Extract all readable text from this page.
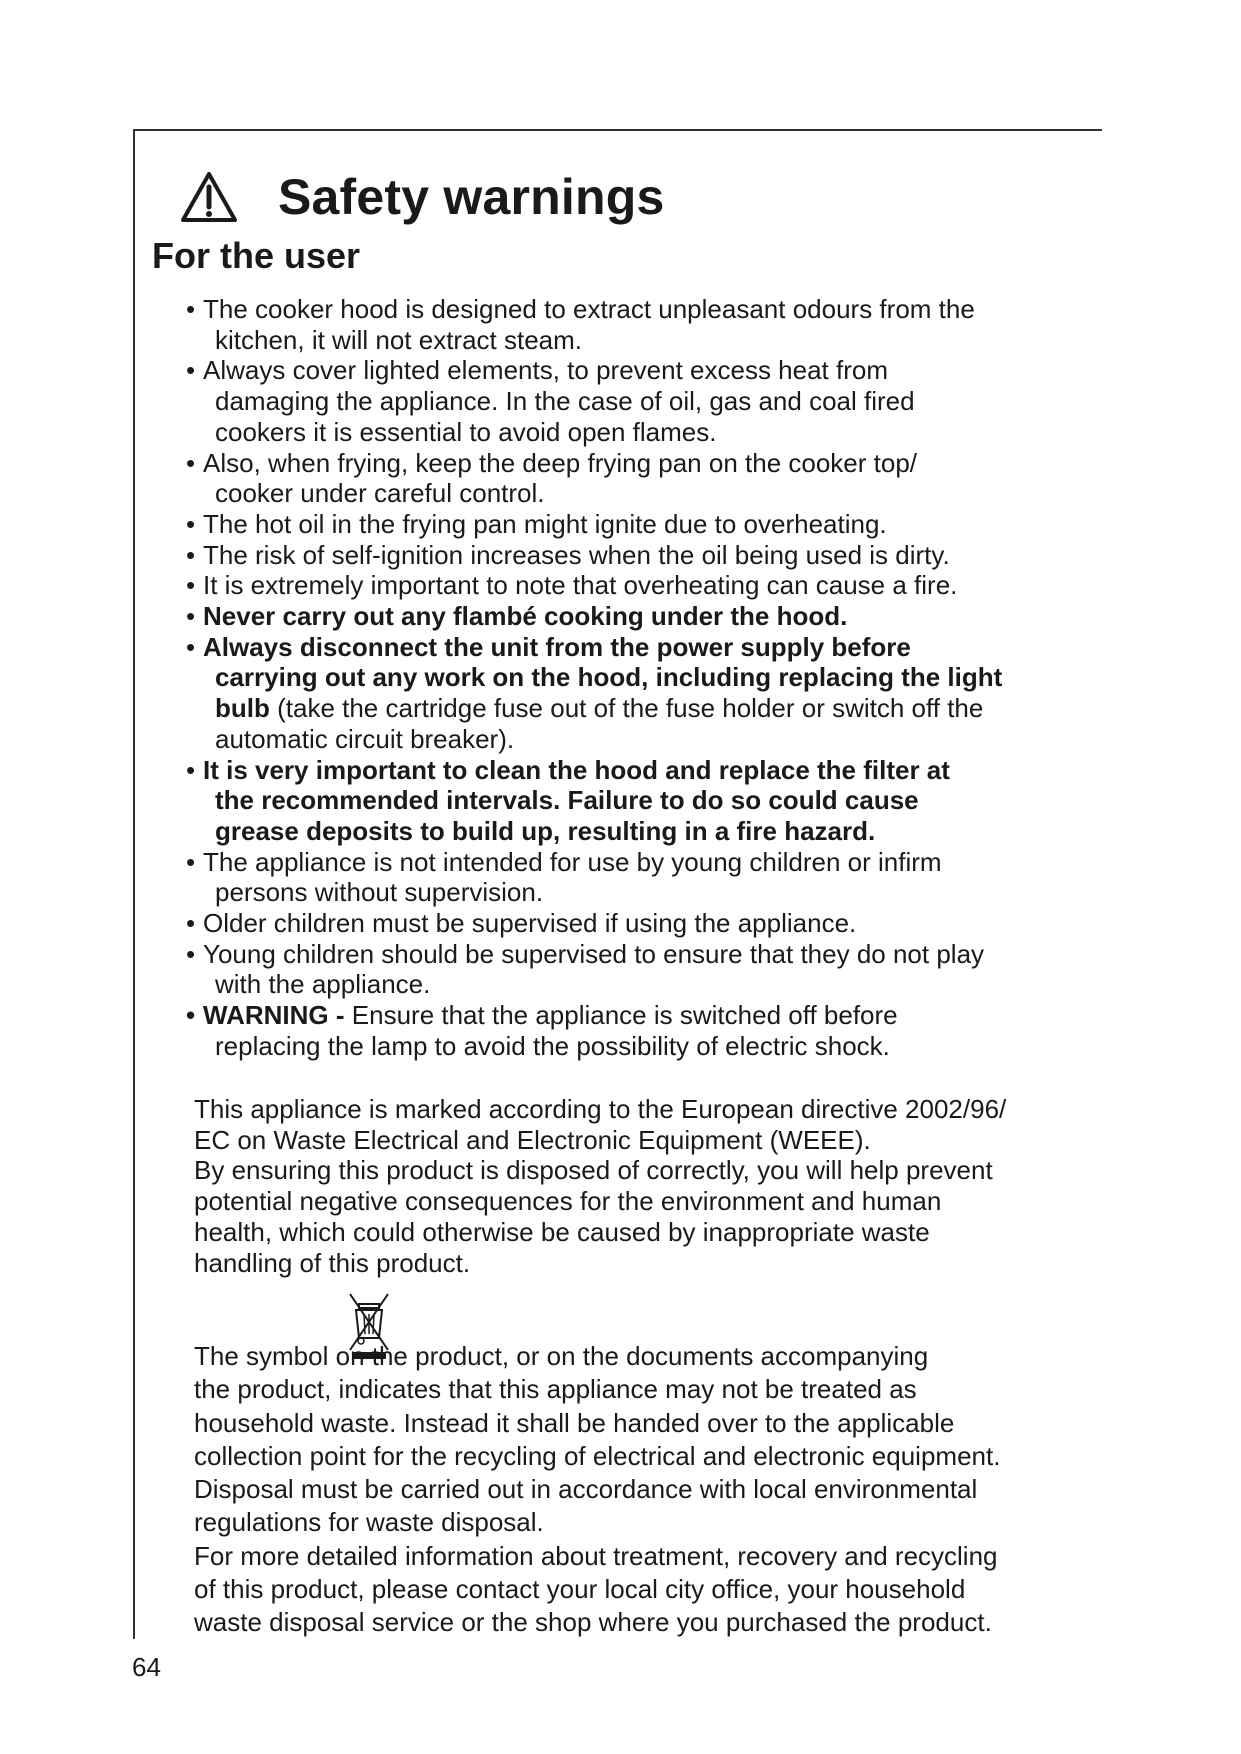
Safety warnings
For the user
• The cooker hood is designed to extract unpleasant odours from the
kitchen, it will not extract steam.
• Always cover lighted elements, to prevent excess heat from
damaging the appliance. In the case of oil, gas and coal fired
cookers it is essential to avoid open flames.
• Also, when frying, keep the deep frying pan on the cooker top/
cooker under careful control.
• The hot oil in the frying pan might ignite due to overheating.
• The risk of self-ignition increases when the oil being used is dirty.
• It is extremely important to note that overheating can cause a fire.
• Never carry out any flambé cooking under the hood.
• Always disconnect the unit from the power supply before
carrying out any work on the hood, including replacing the light
bulb (take the cartridge fuse out of the fuse holder or switch off the
automatic circuit breaker).
• It is very important to clean the hood and replace the filter at
the recommended intervals. Failure to do so could cause
grease deposits to build up, resulting in a fire hazard.
• The appliance is not intended for use by young children or infirm
persons without supervision.
• Older children must be supervised if using the appliance.
• Young children should be supervised to ensure that they do not play
with the appliance.
• WARNING - Ensure that the appliance is switched off before
replacing the lamp to avoid the possibility of electric shock.
This appliance is marked according to the European directive 2002/96/
EC on Waste Electrical and Electronic Equipment (WEEE).
By ensuring this product is disposed of correctly, you will help prevent
potential negative consequences for the environment and human
health, which could otherwise be caused by inappropriate waste
handling of this product.
The symbol on the product, or on the documents accompanying
the product, indicates that this appliance may not be treated as
household waste. Instead it shall be handed over to the applicable
collection point for the recycling of electrical and electronic equipment.
Disposal must be carried out in accordance with local environmental
regulations for waste disposal.
For more detailed information about treatment, recovery and recycling
of this product, please contact your local city office, your household
waste disposal service or the shop where you purchased the product.
64
